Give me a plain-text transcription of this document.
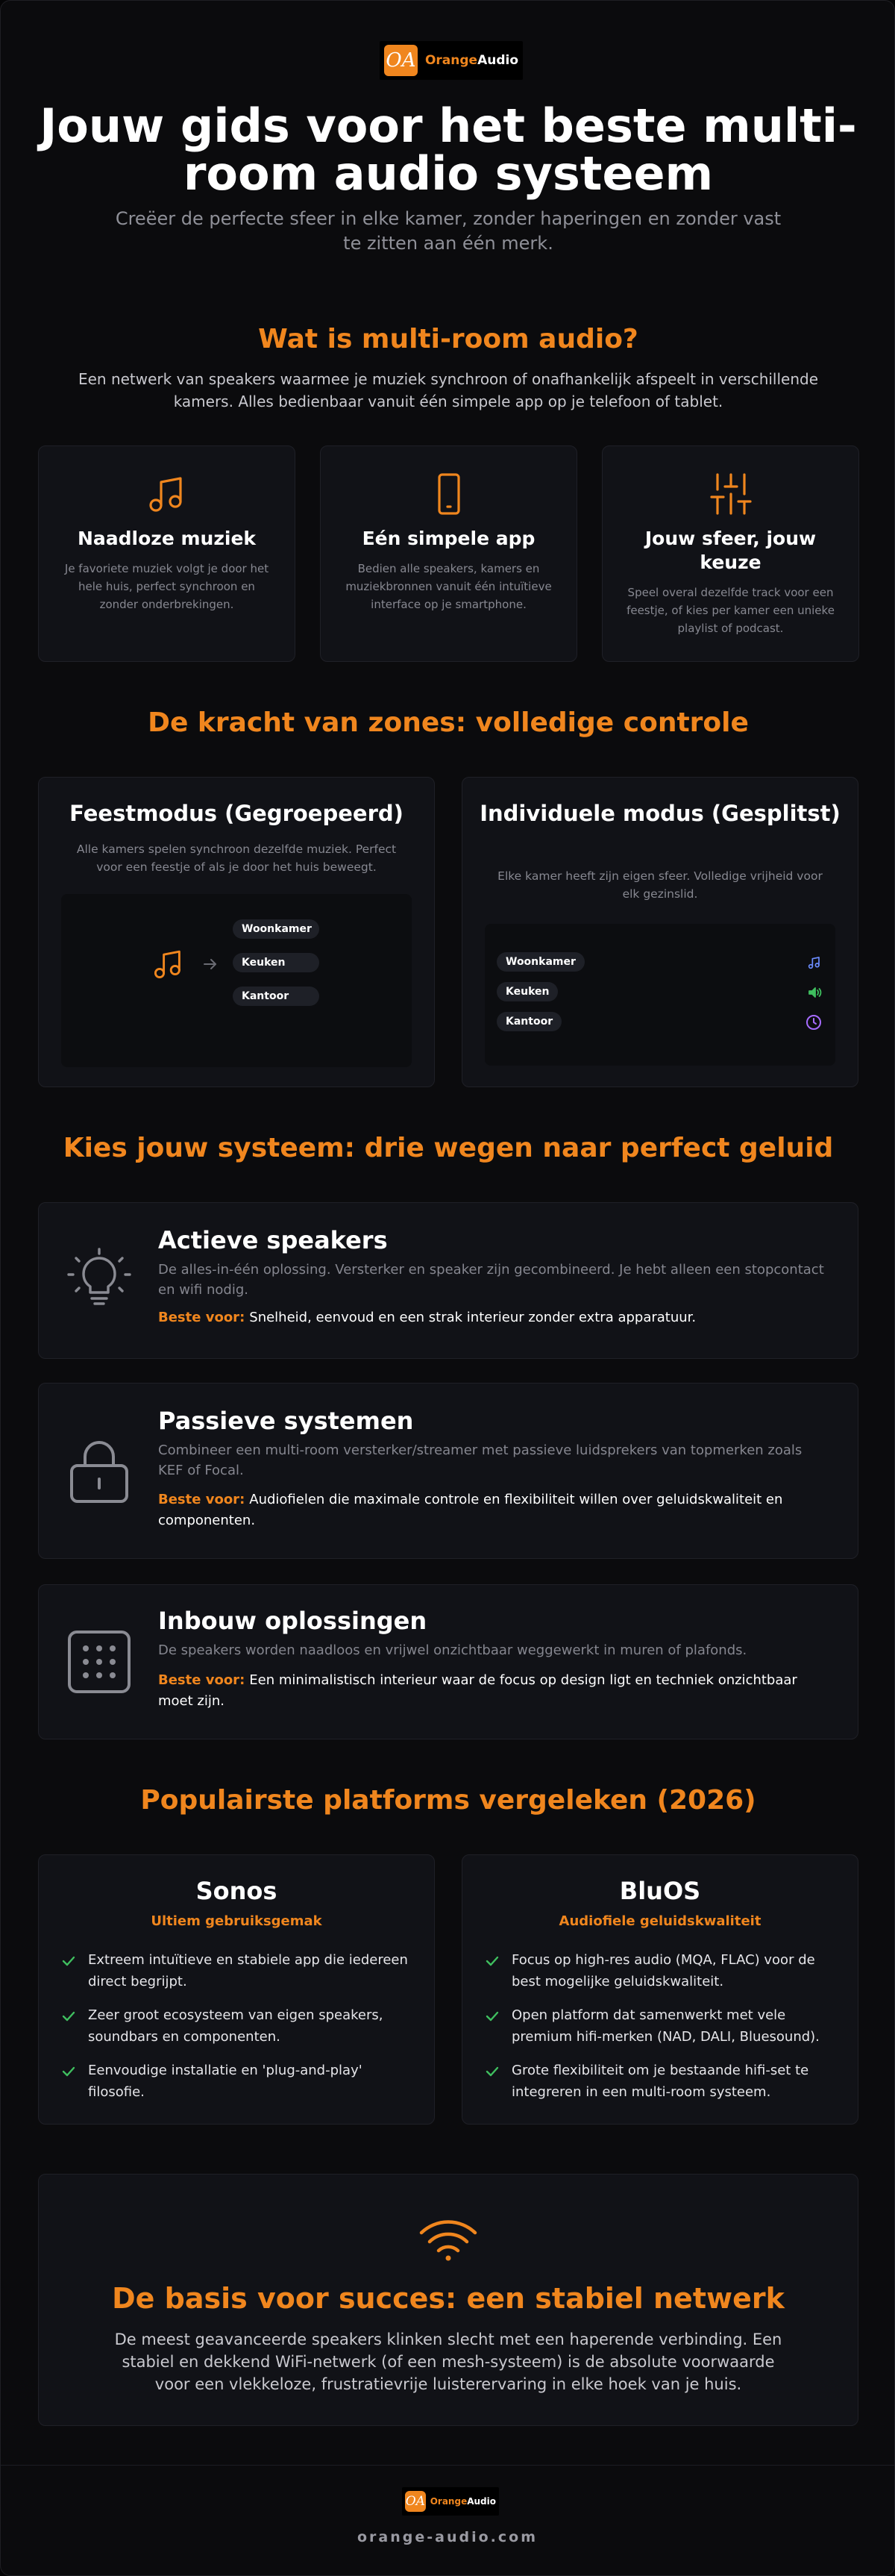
OA OrangeAudio
Jouw gids voor het beste multi-room audio systeem

Creëer de perfecte sfeer in elke kamer, zonder haperingen en zonder vast te zitten aan één merk.

Wat is multi-room audio?

Een netwerk van speakers waarmee je muziek synchroon of onafhankelijk afspeelt in verschillende kamers. Alles bedienbaar vanuit één simpele app op je telefoon of tablet.

Naadloze muziek
Je favoriete muziek volgt je door het hele huis, perfect synchroon en zonder onderbrekingen.
Eén simpele app
Bedien alle speakers, kamers en muziekbronnen vanuit één intuïtieve interface op je smartphone.
Jouw sfeer, jouw keuze
Speel overal dezelfde track voor een feestje, of kies per kamer een unieke playlist of podcast.
De kracht van zones: volledige controle
Feestmodus (Gegroepeerd)
Alle kamers spelen synchroon dezelfde muziek. Perfect voor een feestje of als je door het huis beweegt.
Woonkamer
Keuken
Kantoor
Individuele modus (Gesplitst)
Elke kamer heeft zijn eigen sfeer. Volledige vrijheid voor elk gezinslid.
Woonkamer
Keuken
Kantoor
Kies jouw systeem: drie wegen naar perfect geluid
Actieve speakers
De alles-in-één oplossing. Versterker en speaker zijn gecombineerd. Je hebt alleen een stopcontact en wifi nodig.
Beste voor: Snelheid, eenvoud en een strak interieur zonder extra apparatuur.
Passieve systemen
Combineer een multi-room versterker/streamer met passieve luidsprekers van topmerken zoals KEF of Focal.
Beste voor: Audiofielen die maximale controle en flexibiliteit willen over geluidskwaliteit en componenten.
Inbouw oplossingen
De speakers worden naadloos en vrijwel onzichtbaar weggewerkt in muren of plafonds.
Beste voor: Een minimalistisch interieur waar de focus op design ligt en techniek onzichtbaar moet zijn.
Populairste platforms vergeleken (2026)
Sonos
Ultiem gebruiksgemak
Extreem intuïtieve en stabiele app die iedereen direct begrijpt.
Zeer groot ecosysteem van eigen speakers, soundbars en componenten.
Eenvoudige installatie en 'plug-and-play' filosofie.
BluOS
Audiofiele geluidskwaliteit
Focus op high-res audio (MQA, FLAC) voor de best mogelijke geluidskwaliteit.
Open platform dat samenwerkt met vele premium hifi-merken (NAD, DALI, Bluesound).
Grote flexibiliteit om je bestaande hifi-set te integreren in een multi-room systeem.
De basis voor succes: een stabiel netwerk
De meest geavanceerde speakers klinken slecht met een haperende verbinding. Een stabiel en dekkend WiFi-netwerk (of een mesh-systeem) is de absolute voorwaarde voor een vlekkeloze, frustratievrije luisterervaring in elke hoek van je huis.
OA OrangeAudio
orange-audio.com
